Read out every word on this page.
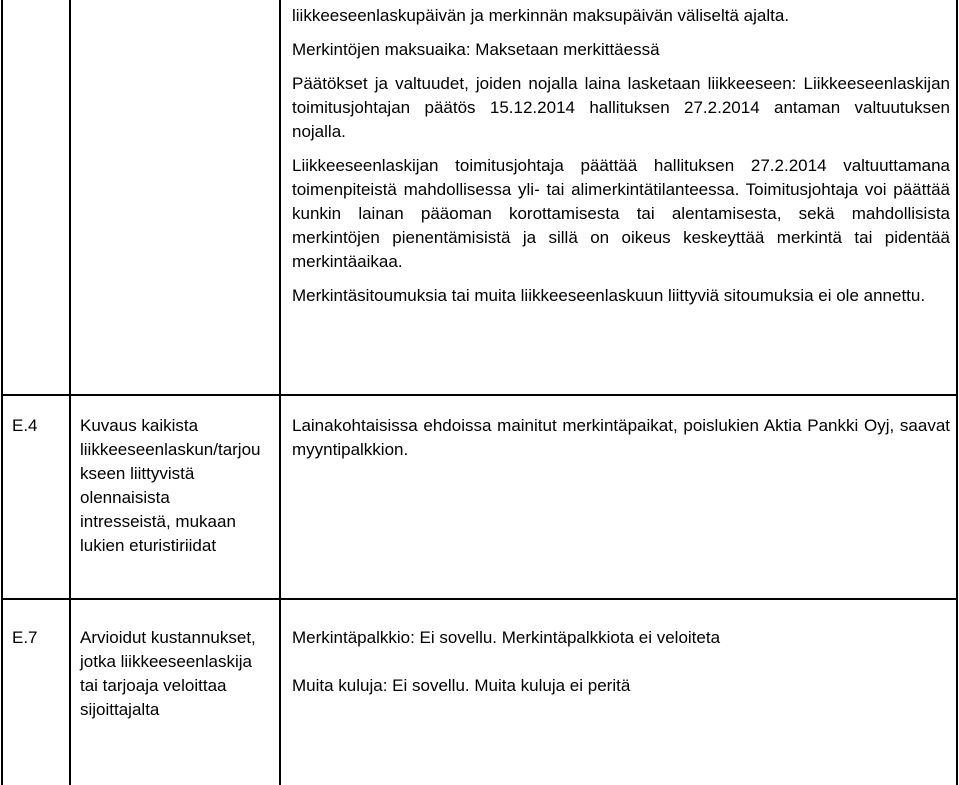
liikkeeseenlaskupäivän ja merkinnän maksupäivän väliseltä ajalta.

Merkintöjen maksuaika: Maksetaan merkittäessä

Päätökset ja valtuudet, joiden nojalla laina lasketaan liikkeeseen: Liikkeeseenlaskijan toimitusjohtajan päätös 15.12.2014 hallituksen 27.2.2014 antaman valtuutuksen nojalla.

Liikkeeseenlaskijan toimitusjohtaja päättää hallituksen 27.2.2014 valtuuttamana toimenpiteistä mahdollisessa yli- tai alimerkintätilanteessa. Toimitusjohtaja voi päättää kunkin lainan pääoman korottamisesta tai alentamisesta, sekä mahdollisista merkintöjen pienentämisistä ja sillä on oikeus keskeyttää merkintä tai pidentää merkintäaikaa.

Merkintäsitoumuksia tai muita liikkeeseenlaskuun liittyviä sitoumuksia ei ole annettu.

E.4 Kuvaus kaikista liikkeeseenlaskun/tarjoukseen liittyvistä olennaisista intresseistä, mukaan lukien eturistiriidat

Lainakohtaisissa ehdoissa mainitut merkintäpaikat, poislukien Aktia Pankki Oyj, saavat myyntipalkkion.

E.7 Arvioidut kustannukset, jotka liikkeeseenlaskija tai tarjoaja veloittaa sijoittajalta

Merkintäpalkkio: Ei sovellu. Merkintäpalkkiota ei veloiteta

Muita kuluja: Ei sovellu. Muita kuluja ei peritä
